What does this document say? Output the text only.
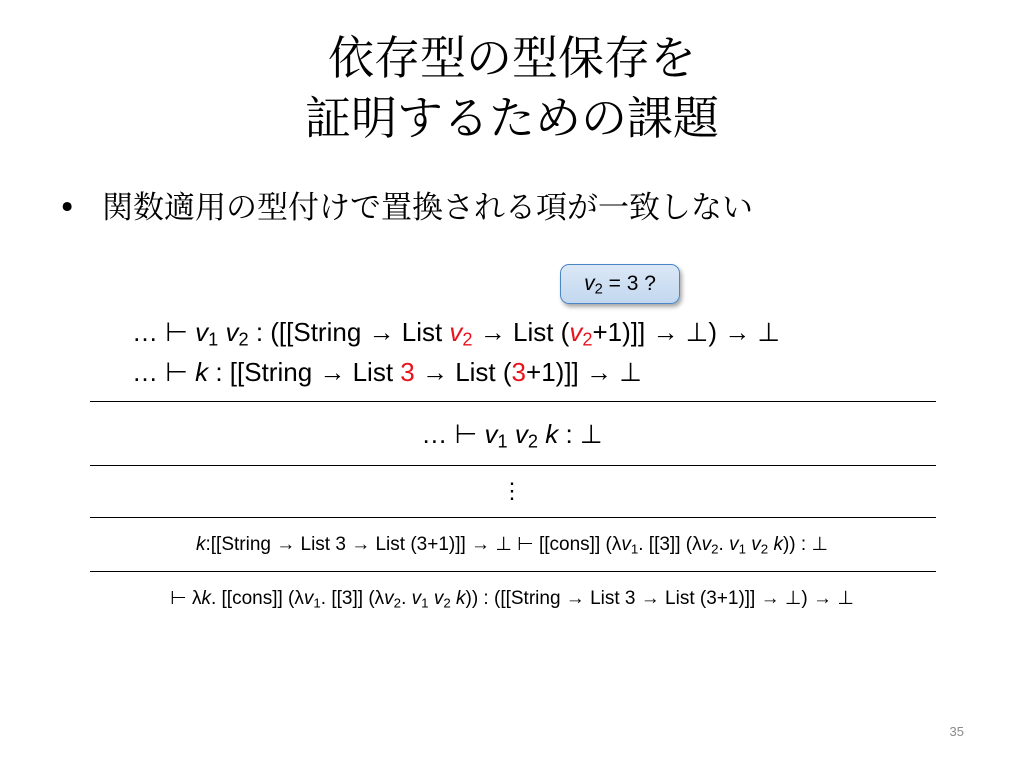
依存型の型保存を
証明するための課題
• 関数適用の型付けで置換される項が一致しない
$v_2 = 3$ ?
… ⊢ $v_1$ $v_2$ : ([[String → List $v_2$ → List $(v_2+1)$]] → ⊥) → ⊥
… ⊢ k : [[String → List 3 → List (3+1)]] → ⊥
… ⊢ $v_1$ $v_2$ k : ⊥
⋮
k:[[String → List 3 → List (3+1)]] → ⊥ ⊢ [[cons]] ($\lambda v_1$. [[3]] ($\lambda v_2$. $v_1$ $v_2$ k)) : ⊥
⊢ λk. [[cons]] ($\lambda v_1$. [[3]] ($\lambda v_2$. $v_1$ $v_2$ k)) : ([[String → List 3 → List (3+1)]] → ⊥) → ⊥
35
